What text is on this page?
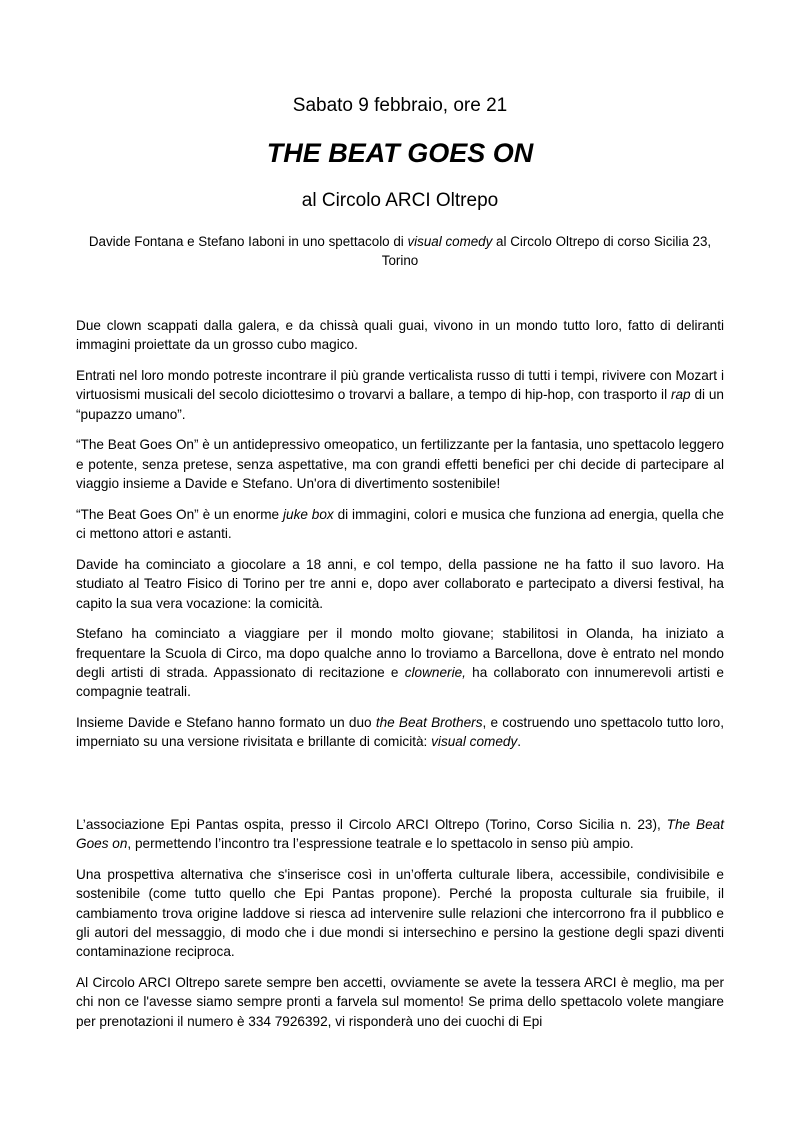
Sabato 9 febbraio, ore 21
THE BEAT GOES ON
al Circolo ARCI Oltrepo
Davide Fontana e Stefano Iaboni in uno spettacolo di visual comedy al Circolo Oltrepo di corso Sicilia 23, Torino

Due clown scappati dalla galera, e da chissà quali guai, vivono in un mondo tutto loro, fatto di deliranti immagini proiettate da un grosso cubo magico.

Entrati nel loro mondo potreste incontrare il più grande verticalista russo di tutti i tempi, rivivere con Mozart i virtuosismi musicali del secolo diciottesimo o trovarvi a ballare, a tempo di hip-hop, con trasporto il rap di un “pupazzo umano”.

“The Beat Goes On” è un antidepressivo omeopatico, un fertilizzante per la fantasia, uno spettacolo leggero e potente, senza pretese, senza aspettative, ma con grandi effetti benefici per chi decide di partecipare al viaggio insieme a Davide e Stefano. Un'ora di divertimento sostenibile!

“The Beat Goes On” è un enorme juke box di immagini, colori e musica che funziona ad energia, quella che ci mettono attori e astanti.

Davide ha cominciato a giocolare a 18 anni, e col tempo, della passione ne ha fatto il suo lavoro. Ha studiato al Teatro Fisico di Torino per tre anni e, dopo aver collaborato e partecipato a diversi festival, ha capito la sua vera vocazione: la comicità.

Stefano ha cominciato a viaggiare per il mondo molto giovane; stabilitosi in Olanda, ha iniziato a frequentare la Scuola di Circo, ma dopo qualche anno lo troviamo a Barcellona, dove è entrato nel mondo degli artisti di strada. Appassionato di recitazione e clownerie, ha collaborato con innumerevoli artisti e compagnie teatrali.

Insieme Davide e Stefano hanno formato un duo the Beat Brothers, e costruendo uno spettacolo tutto loro, imperniato su una versione rivisitata e brillante di comicità: visual comedy.

L’associazione Epi Pantas ospita, presso il Circolo ARCI Oltrepo (Torino, Corso Sicilia n. 23), The Beat Goes on, permettendo l’incontro tra l’espressione teatrale e lo spettacolo in senso più ampio.

Una prospettiva alternativa che s'inserisce così in un’offerta culturale libera, accessibile, condivisibile e sostenibile (come tutto quello che Epi Pantas propone). Perché la proposta culturale sia fruibile, il cambiamento trova origine laddove si riesca ad intervenire sulle relazioni che intercorrono fra il pubblico e gli autori del messaggio, di modo che i due mondi si intersechino e persino la gestione degli spazi diventi contaminazione reciproca.

Al Circolo ARCI Oltrepo sarete sempre ben accetti, ovviamente se avete la tessera ARCI è meglio, ma per chi non ce l'avesse siamo sempre pronti a farvela sul momento! Se prima dello spettacolo volete mangiare per prenotazioni il numero è 334 7926392, vi risponderà uno dei cuochi di Epi
